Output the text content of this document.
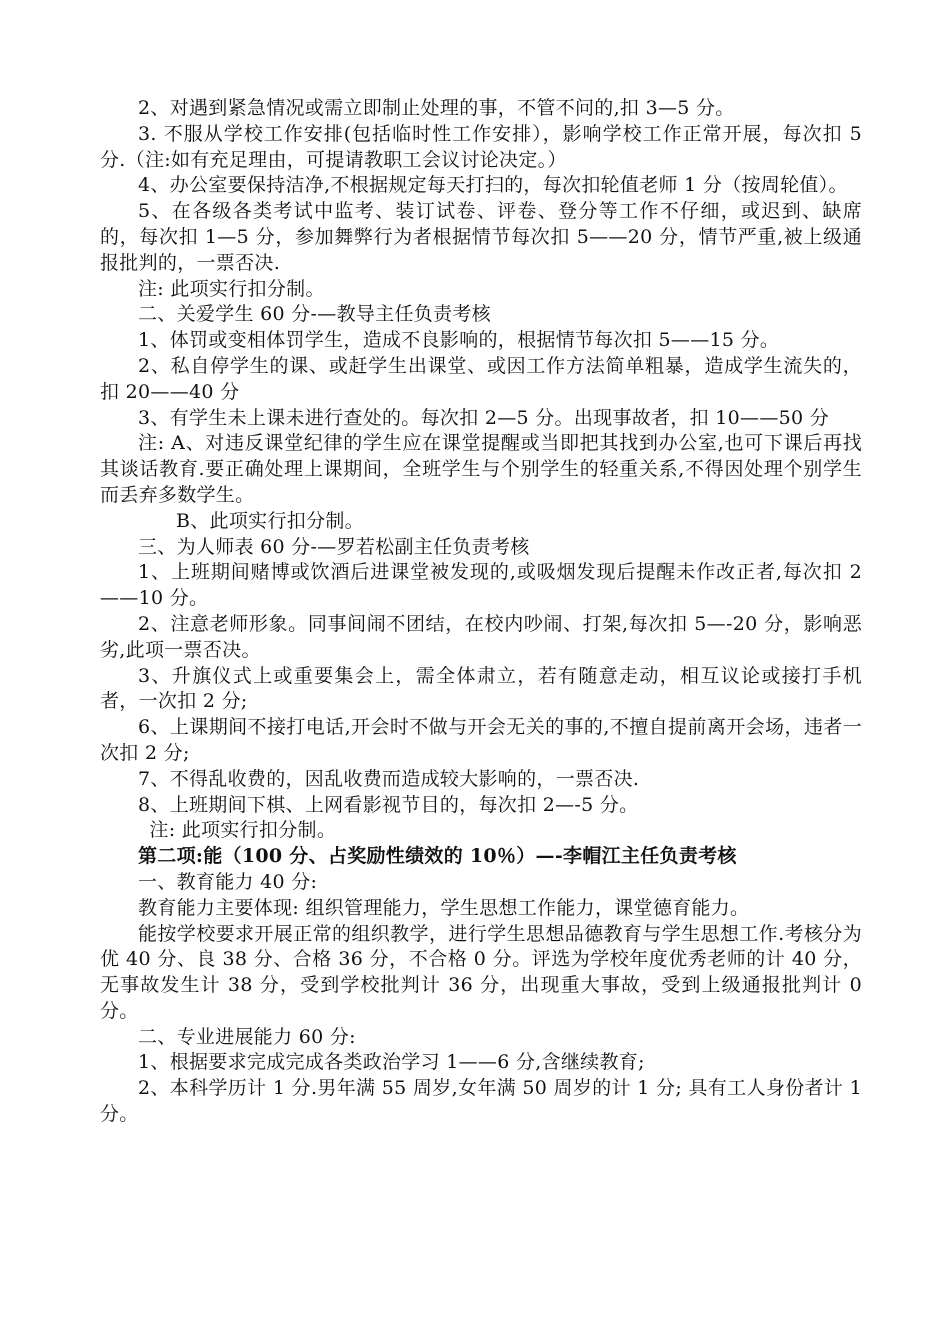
2、对遇到紧急情况或需立即制止处理的事，不管不问的,扣 3—5 分。

3. 不服从学校工作安排(包括临时性工作安排），影响学校工作正常开展，每次扣 5 分.（注:如有充足理由，可提请教职工会议讨论决定。）

4、办公室要保持洁净,不根据规定每天打扫的，每次扣轮值老师 1 分（按周轮值）。

5、在各级各类考试中监考、装订试卷、评卷、登分等工作不仔细，或迟到、缺席的，每次扣 1—5 分，参加舞弊行为者根据情节每次扣 5——20 分，情节严重,被上级通报批判的，一票否决.

注: 此项实行扣分制。

二、关爱学生 60 分-—教导主任负责考核

1、体罚或变相体罚学生，造成不良影响的，根据情节每次扣 5——15 分。

2、私自停学生的课、或赶学生出课堂、或因工作方法简单粗暴，造成学生流失的，扣 20——40 分

3、有学生未上课未进行查处的。每次扣 2—5 分。出现事故者，扣 10——50 分

注: A、对违反课堂纪律的学生应在课堂提醒或当即把其找到办公室,也可下课后再找其谈话教育.要正确处理上课期间，全班学生与个别学生的轻重关系,不得因处理个别学生而丢弃多数学生。

B、此项实行扣分制。

三、为人师表 60 分-—罗若松副主任负责考核

1、上班期间赌博或饮酒后进课堂被发现的,或吸烟发现后提醒未作改正者,每次扣 2——10 分。

2、注意老师形象。同事间闹不团结，在校内吵闹、打架,每次扣 5—-20 分，影响恶劣,此项一票否决。

3、升旗仪式上或重要集会上，需全体肃立，若有随意走动，相互议论或接打手机者，一次扣 2 分;

6、上课期间不接打电话,开会时不做与开会无关的事的,不擅自提前离开会场，违者一次扣 2 分;

7、不得乱收费的，因乱收费而造成较大影响的，一票否决.

8、上班期间下棋、上网看影视节目的，每次扣 2—-5 分。

注: 此项实行扣分制。

第二项:能（100 分、占奖励性绩效的 10％）—-李帽江主任负责考核

一、教育能力 40 分:

教育能力主要体现: 组织管理能力，学生思想工作能力，课堂德育能力。

能按学校要求开展正常的组织教学，进行学生思想品德教育与学生思想工作.考核分为优 40 分、良 38 分、合格 36 分，不合格 0 分。评选为学校年度优秀老师的计 40 分，无事故发生计 38 分，受到学校批判计 36 分，出现重大事故，受到上级通报批判计 0 分。

二、专业进展能力 60 分:

1、根据要求完成完成各类政治学习 1——6 分,含继续教育;

2、本科学历计 1 分.男年满 55 周岁,女年满 50 周岁的计 1 分; 具有工人身份者计 1 分。
